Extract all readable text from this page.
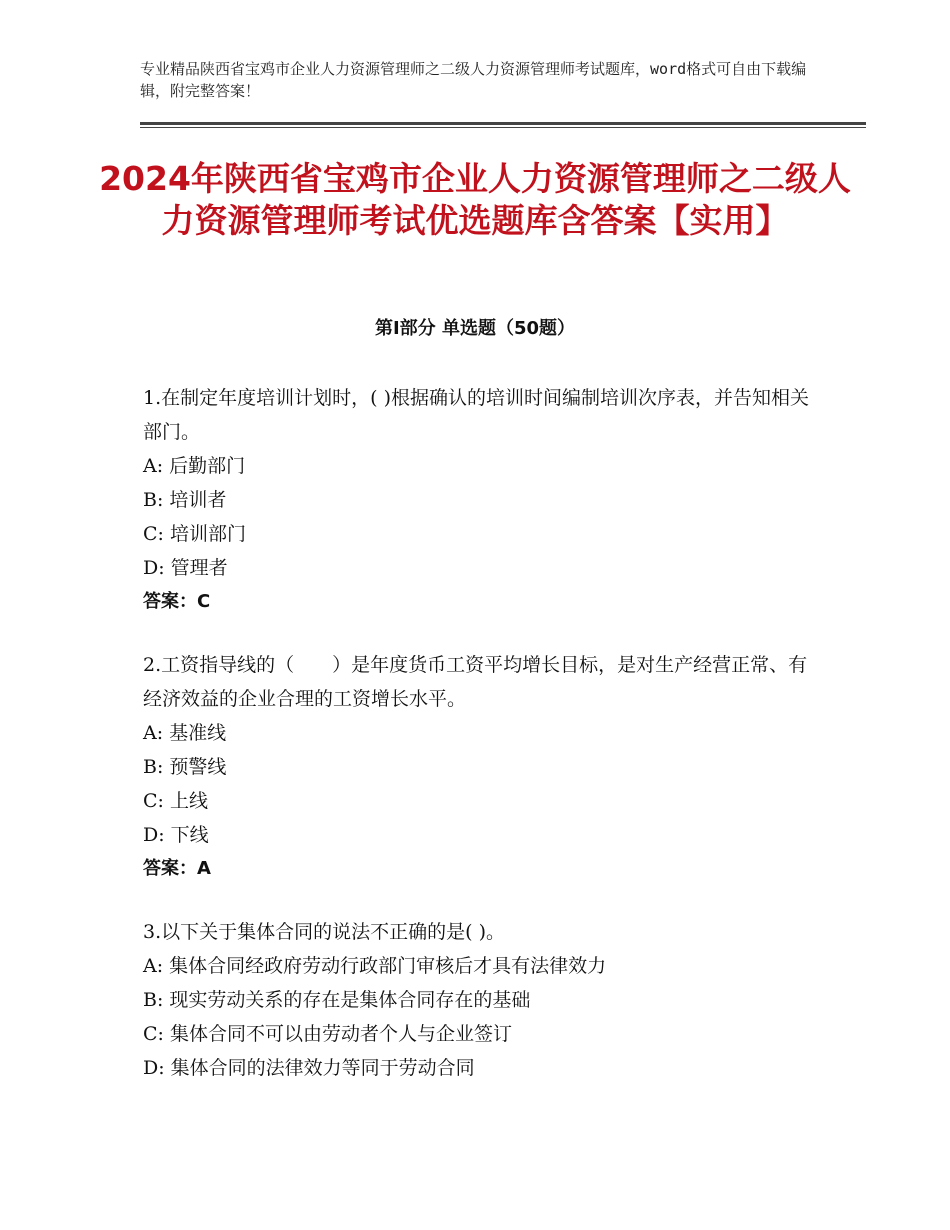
专业精品陕西省宝鸡市企业人力资源管理师之二级人力资源管理师考试题库，word格式可自由下载编辑，附完整答案！
2024年陕西省宝鸡市企业人力资源管理师之二级人力资源管理师考试优选题库含答案【实用】
第Ⅰ部分 单选题（50题）
1.在制定年度培训计划时，( )根据确认的培训时间编制培训次序表，并告知相关部门。
A: 后勤部门
B: 培训者
C: 培训部门
D: 管理者
答案：C
2.工资指导线的（　　）是年度货币工资平均增长目标，是对生产经营正常、有经济效益的企业合理的工资增长水平。
A: 基准线
B: 预警线
C: 上线
D: 下线
答案：A
3.以下关于集体合同的说法不正确的是( )。
A: 集体合同经政府劳动行政部门审核后才具有法律效力
B: 现实劳动关系的存在是集体合同存在的基础
C: 集体合同不可以由劳动者个人与企业签订
D: 集体合同的法律效力等同于劳动合同
